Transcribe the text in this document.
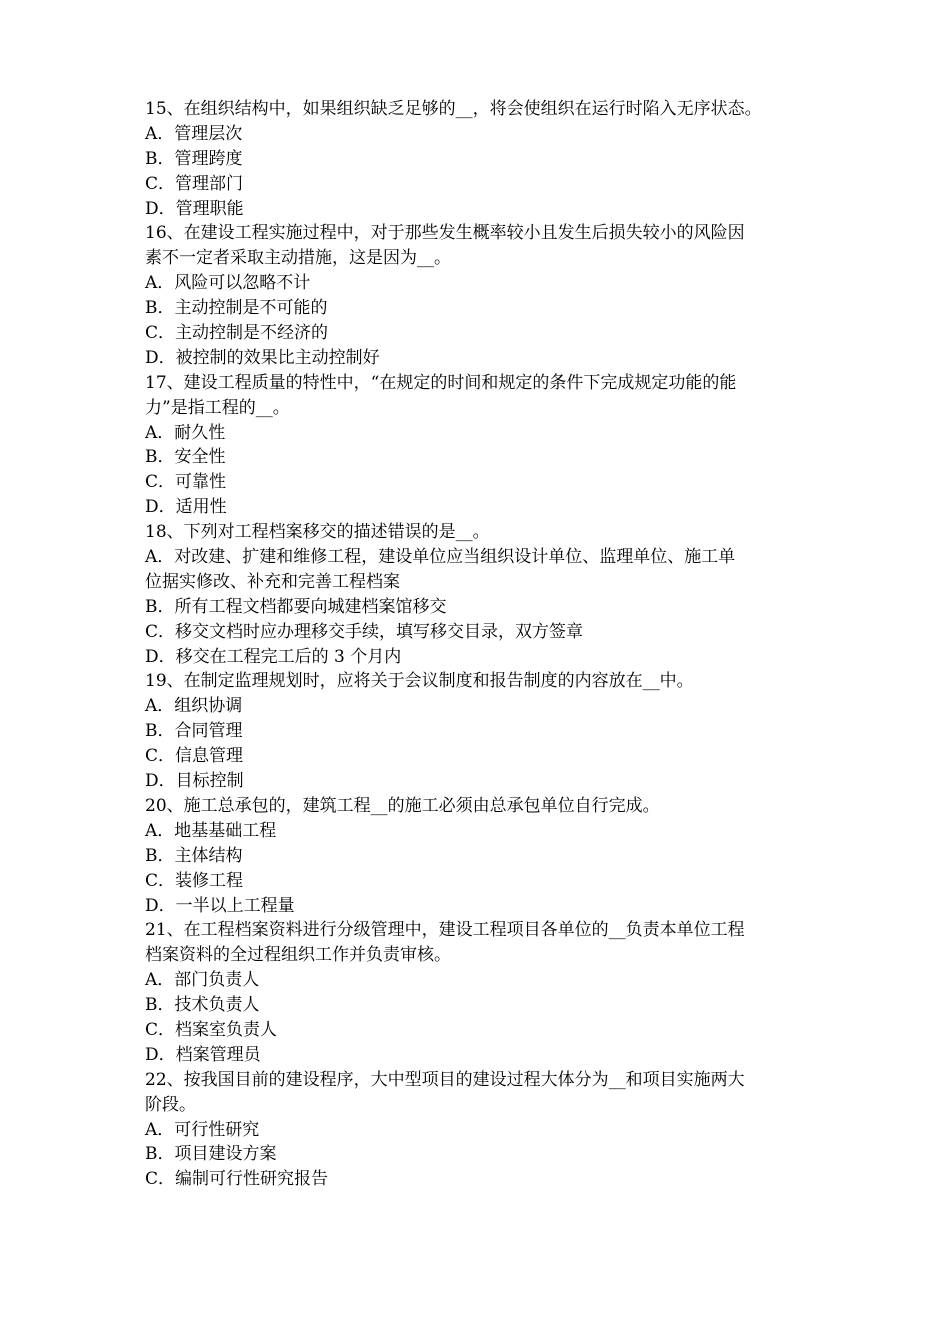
15、在组织结构中，如果组织缺乏足够的__，将会使组织在运行时陷入无序状态。
A．管理层次
B．管理跨度
C．管理部门
D．管理职能
16、在建设工程实施过程中，对于那些发生概率较小且发生后损失较小的风险因
素不一定者采取主动措施，这是因为__。
A．风险可以忽略不计
B．主动控制是不可能的
C．主动控制是不经济的
D．被控制的效果比主动控制好
17、建设工程质量的特性中，“在规定的时间和规定的条件下完成规定功能的能
力”是指工程的__。
A．耐久性
B．安全性
C．可靠性
D．适用性
18、下列对工程档案移交的描述错误的是__。
A．对改建、扩建和维修工程，建设单位应当组织设计单位、监理单位、施工单
位据实修改、补充和完善工程档案
B．所有工程文档都要向城建档案馆移交
C．移交文档时应办理移交手续，填写移交目录，双方签章
D．移交在工程完工后的 3 个月内
19、在制定监理规划时，应将关于会议制度和报告制度的内容放在__中。
A．组织协调
B．合同管理
C．信息管理
D．目标控制
20、施工总承包的，建筑工程__的施工必须由总承包单位自行完成。
A．地基基础工程
B．主体结构
C．装修工程
D．一半以上工程量
21、在工程档案资料进行分级管理中，建设工程项目各单位的__负责本单位工程
档案资料的全过程组织工作并负责审核。
A．部门负责人
B．技术负责人
C．档案室负责人
D．档案管理员
22、按我国目前的建设程序，大中型项目的建设过程大体分为__和项目实施两大
阶段。
A．可行性研究
B．项目建设方案
C．编制可行性研究报告
